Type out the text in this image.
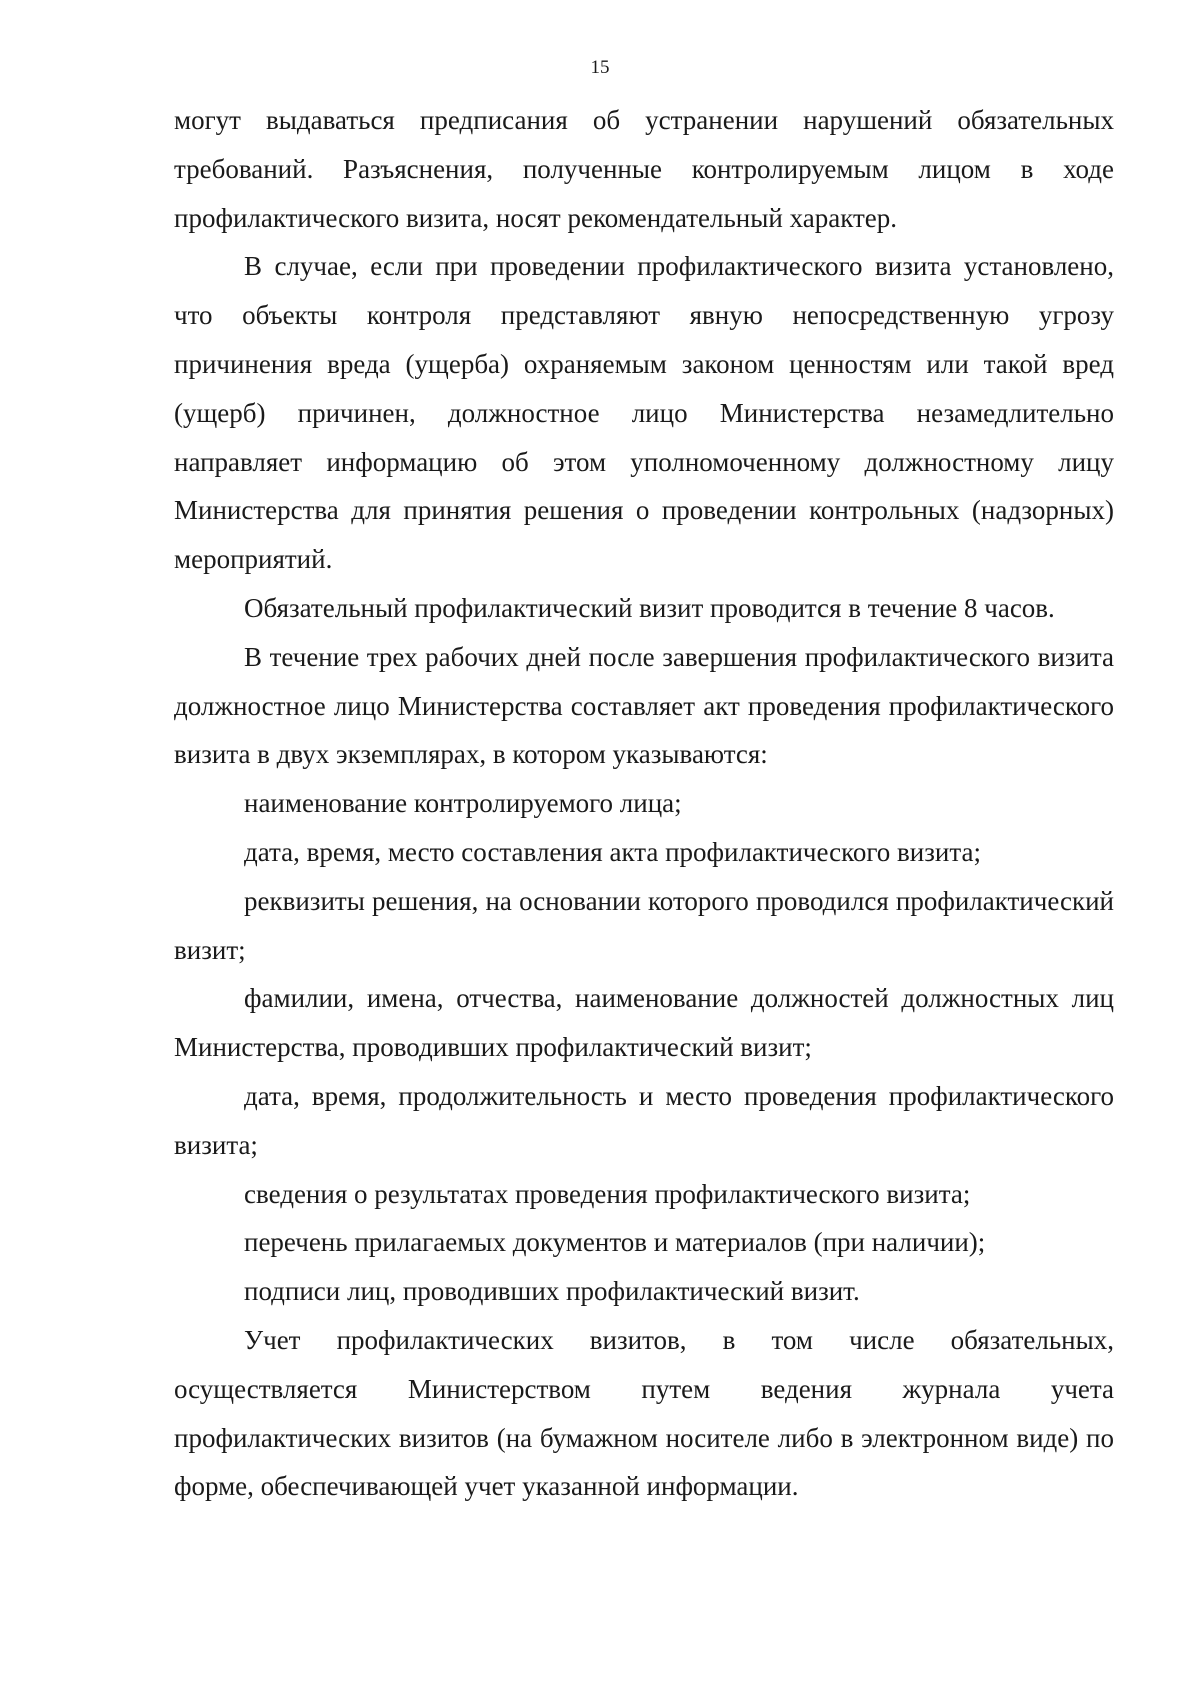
15

могут выдаваться предписания об устранении нарушений обязательных требований. Разъяснения, полученные контролируемым лицом в ходе профилактического визита, носят рекомендательный характер.

В случае, если при проведении профилактического визита установлено, что объекты контроля представляют явную непосредственную угрозу причинения вреда (ущерба) охраняемым законом ценностям или такой вред (ущерб) причинен, должностное лицо Министерства незамедлительно направляет информацию об этом уполномоченному должностному лицу Министерства для принятия решения о проведении контрольных (надзорных) мероприятий.

Обязательный профилактический визит проводится в течение 8 часов.

В течение трех рабочих дней после завершения профилактического визита должностное лицо Министерства составляет акт проведения профилактического визита в двух экземплярах, в котором указываются:

наименование контролируемого лица;

дата, время, место составления акта профилактического визита;

реквизиты решения, на основании которого проводился профилактический визит;

фамилии, имена, отчества, наименование должностей должностных лиц Министерства, проводивших профилактический визит;

дата, время, продолжительность и место проведения профилактического визита;

сведения о результатах проведения профилактического визита;

перечень прилагаемых документов и материалов (при наличии);

подписи лиц, проводивших профилактический визит.

Учет профилактических визитов, в том числе обязательных, осуществляется Министерством путем ведения журнала учета профилактических визитов (на бумажном носителе либо в электронном виде) по форме, обеспечивающей учет указанной информации.
